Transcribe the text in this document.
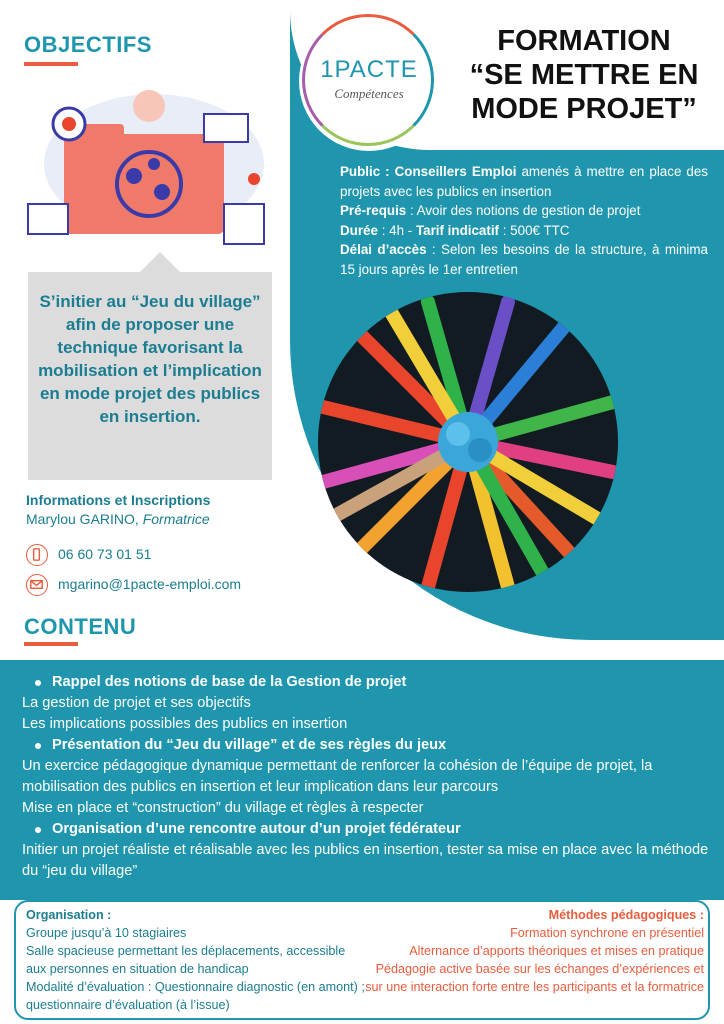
1PACTE
Compétences
FORMATION
“SE METTRE EN MODE PROJET”
Public : Conseillers Emploi amenés à mettre en place des projets avec les publics en insertion
Pré-requis : Avoir des notions de gestion de projet
Durée : 4h - Tarif indicatif : 500€ TTC
Délai d’accès : Selon les besoins de la structure, à minima 15 jours après le 1er entretien
OBJECTIFS
S’initier au “Jeu du village” afin de proposer une technique favorisant la mobilisation et l’implication en mode projet des publics en insertion.
Informations et Inscriptions
Marylou GARINO, Formatrice
06 60 73 01 51
mgarino@1pacte-emploi.com
CONTENU
Rappel des notions de base de la Gestion de projet
La gestion de projet et ses objectifs
Les implications possibles des publics en insertion
Présentation du “Jeu du village” et de ses règles du jeux
Un exercice pédagogique dynamique permettant de renforcer la cohésion de l’équipe de projet, la mobilisation des publics en insertion et leur implication dans leur parcours
Mise en place et “construction” du village et règles à respecter
Organisation d’une rencontre autour d’un projet fédérateur
Initier un projet réaliste et réalisable avec les publics en insertion, tester sa mise en place avec la méthode du “jeu du village”
Organisation :
Groupe jusqu’à 10 stagiaires
Salle spacieuse permettant les déplacements, accessible aux personnes en situation de handicap
Modalité d’évaluation : Questionnaire diagnostic (en amont) ; questionnaire d’évaluation (à l’issue)
Méthodes pédagogiques :
Formation synchrone en présentiel
Alternance d’apports théoriques et mises en pratique
Pédagogie active basée sur les échanges d’expériences et sur une interaction forte entre les participants et la formatrice
